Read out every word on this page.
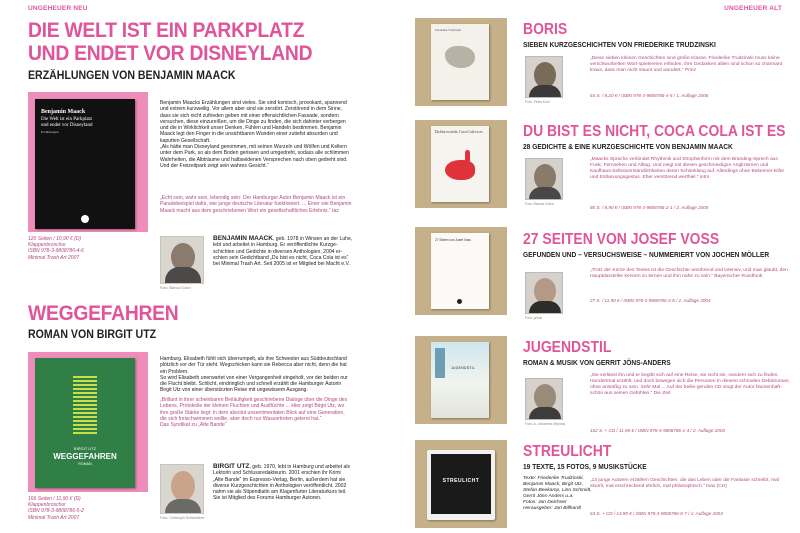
UNGEHEUER NEU
DIE WELT IST EIN PARKPLATZ
UND ENDET VOR DISNEYLAND
ERZÄHLUNGEN VON BENJAMIN MAACK
Benjamin Maack
Die Welt ist ein Parkplatz
und endet vor Disneyland
Erzählungen
Benjamin Maacks Erzählungen sind vieles. Sie sind komisch, provokant, spannend
und extrem kurzweilig. Vor allem aber sind sie zerstört. Zerstörend in dem Sinne,
dass sie sich nicht zufrieden geben mit einer offensichtlichen Fassade, sondern
versuchen, diese einzureißen, um die Dinge zu finden, die sich dahinter verbergen
und die in Wirklichkeit unser Denken, Fühlen und Handeln bestimmen. Benjamin
Maack legt den Finger in die unsichtbaren Wunden einer zutiefst absurden und
kaputten Gesellschaft.
„Als hätte man Disneyland genommen, mit seinen Wurzeln und Wölfen und Kellern
unter dem Park, so als dem Boden gerissen und umgedreht, sodass alle schlimmen
Wahrheiten, die Albträume und halbseidenen Versprechen nach oben gedreht sind.
Und der Freizeitpark zeigt sein wahres Gesicht.“
„Echt sein, wahr sein, lebendig sein: Der Hamburger Autor Benjamin Maack ist ein
Paradebeispiel dafür, wie junge deutsche Literatur funktioniert. ... Einer wie Benjamin
Maack macht aus dem geschriebenen Wort ein gesellschaftliches Erlebnis.“ taz
120 Seiten / 10,90 € (D)
Klappenbroschur
ISBN 978-3-9808786-4-6
Minimal Trash Art 2007
Foto: Bianca Golze
BENJAMIN MAACK, geb. 1978 in Winsen an der Luhe,
lebt und arbeitet in Hamburg. Er veröffentlichte Kurzge-
schichten und Gedichte in diversen Anthologien, 2004 er-
schien sein Gedichtband „Du bist es nicht, Coca Cola ist es“
bei Minimal Trash Art. Seit 2005 ist er Mitglied bei Macht e.V.
WEGGEFAHREN
ROMAN VON BIRGIT UTZ
BIRGIT UTZ
WEGGEFAHREN
ROMAN
Hamburg. Elisabeth fühlt sich überrumpelt, als ihre Schwester aus Süddeutschland
plötzlich vor der Tür steht. Wegschicken kann sie Rebecca aber nicht, denn die hat
ein Problem.
So wird Elisabeth unerwartet von einer Vergangenheit eingeholt, vor der beiden nur
die Flucht bleibt. Schlicht, eindringlich und schnell erzählt die Hamburger Autorin
Birgit Utz von einer überstürzten Reise mit ungewissem Ausgang.
„Brillant in ihrer scheinbaren Beiläufigkeit geschriebene Dialoge über die Dinge des
Lebens, Protokolle der kleinen Fluchten und Ausflüchte ... Hier zeigt Birgit Utz, wo
ihre große Stärke liegt: in dem absolut unsentimentalen Blick auf eine Generation,
die sich freischwimmen wollte, aber doch nur Wassertreten gelernt hat.“
Das Syndikat zu „Alte Bande“
166 Seiten / 11,90 € (D)
Klappenbroschur
ISBN 978-3-9808786-5-2
Minimal Trash Art 2007	Foto: Christoph Schwedtner
BIRGIT UTZ, geb. 1970, lebt in Hamburg und arbeitet als
Lektorin und Schlussredakteurin. 2001 erschien ihr Krimi
„Alte Bande“ im Espresso-Verlag, Berlin, außerdem hat sie
diverse Kurzgeschichten in Anthologien veröffentlicht. 2002
nahm sie als Stipendiatin am Klagenfurter Literaturkurs teil.
Sie ist Mitglied des Forums Hamburger Autoren.
UNGEHEUER ALT
Friederike Trudzinski	BORIS
SIEBEN KURZGESCHICHTEN VON FRIEDERIKE TRUDZINSKI
Foto: Petra Kohl
„Diese sieben kleinen Geschichten sind große Klasse. Friederike Trudzinski muss keine verschwurbelten Wort-spielereien erfinden, ihre Gedanken allein sind schon so charmant kraus, dass man nicht staunt und wundert.“ Prinz
64 S. / 8,20 € / ISBN 978-3-9808786-4-5 / 1. Auflage 2006
Du bist es nicht, Coca Cola ist es	DU BIST ES NICHT, COCA COLA IST ES
28 GEDICHTE & EINE KURZGESCHICHTE VON BENJAMIN MAACK
Foto: Bianca Golze
„Maacks Sprache verbindet Rhythmik und Strophenform mit dem Branding-Sprech aus Funk, Fernsehen und Alltag. Und neigt mit diesen geschmeidigen Anglizismen und Kaufhaus-Selbstverständlichkeiten deren Schönklang auf. Allerdings ohne Bekenner-Eifer und Entlarvungsgestus. Eher verstörend werthiel.“ intro
80 S. / 8,90 € / ISBN 978-3-9808786-2-1 / 2. Auflage 2005
27 Seiten von Josef Voss	27 SEITEN VON JOSEF VOSS
GEFUNDEN UND – VERSUCHSWEISE – NUMMERIERT VON JOCHEN MÖLLER
Foto: privat
„Trotz der Kürze des Textes ist die Geschichte anrührend und intensiv, und man glaubt, den Hauptdarsteller kennen zu lernen und ihm nahe zu sein.“ Bayerischer Rundfunk
27 S. / 11,90 € / ISBN 978-3-9808786-3-8 / 2. Auflage 2004
JUGENDSTIL
JUGENDSTIL
ROMAN & MUSIK VON GERRIT JÖNS-ANDERS
Foto: A. Johannes Wyrwas
„Sie verlässt ihn und er begibt sich auf eine Reise, sie nicht sie, sondern sich zu finden. Hundertmal erzählt, und doch bewegen sich die Personen in diesem schmalen Debütroman, ohne anstößig zu sein. Sehr Mal ... Auf der beilie-genden CD singt der Autor blumenhaft-schön aus seinen Gefühlen.“ Die Zeit
162 S. + CD / 11,90 € / ISBN 978-3-9808786-1-4 / 2. Auflage 2004
STREULICHT
STREULICHT
19 TEXTE, 15 FOTOS, 9 MUSIKSTÜCKE
Texte: Friederike Trudzinski,
Benjamin Maack, Birgit Utz,
Stefan Beekamp, Linn Schmidt,
Gerrit Jöns-Anders u.a.
Fotos: Jan Deichner
Herausgeber: Jan Billhardt
„13 junge Autoren erzählen Geschichten, die das Leben oder die Fantasie schreibt, mal skurril, mal erschreckend ehrlich, mal philosophisch.“ max (CH)
64 S. + CD / 14,90 € / ISBN 978-3-9808786-0-7 / 1. Auflage 2003
